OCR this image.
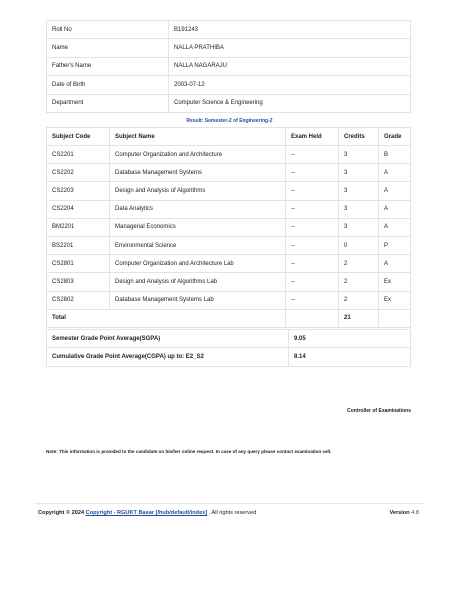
Roll No	B191243
Name	NALLA PRATHIBA
Father's Name	NALLA NAGARAJU
Date of Birth	2003-07-12
Department	Computer Science & Engineering
Result: Semester-2 of Engineering-2
Subject Code	Subject Name	Exam Held	Credits	Grade
CS2201	Computer Organization and Architecture	--	3	B
CS2202	Database Management Systems	--	3	A
CS2203	Design and Analysis of Algorithms	--	3	A
CS2204	Data Analytics	--	3	A
BM2201	Managerial Economics	--	3	A
BS2201	Environmental Science	--	0	P
CS2801	Computer Organization and Architecture Lab	--	2	A
CS2803	Design and Analysis of Algorithms Lab	--	2	Ex
CS2802	Database Management Systems Lab	--	2	Ex
Total			21	
Semester Grade Point Average(SGPA)	9.05
Cumulative Grade Point Average(CGPA) up to: E2_S2	8.14
Controller of Examinations
Note: This information is provided to the candidate on his/her online request. In case of any query please contact examination cell.
Copyright © 2024 Copyright - RGUKT Basar [/hub/default/index] . All rights reserved	Version 4.8
